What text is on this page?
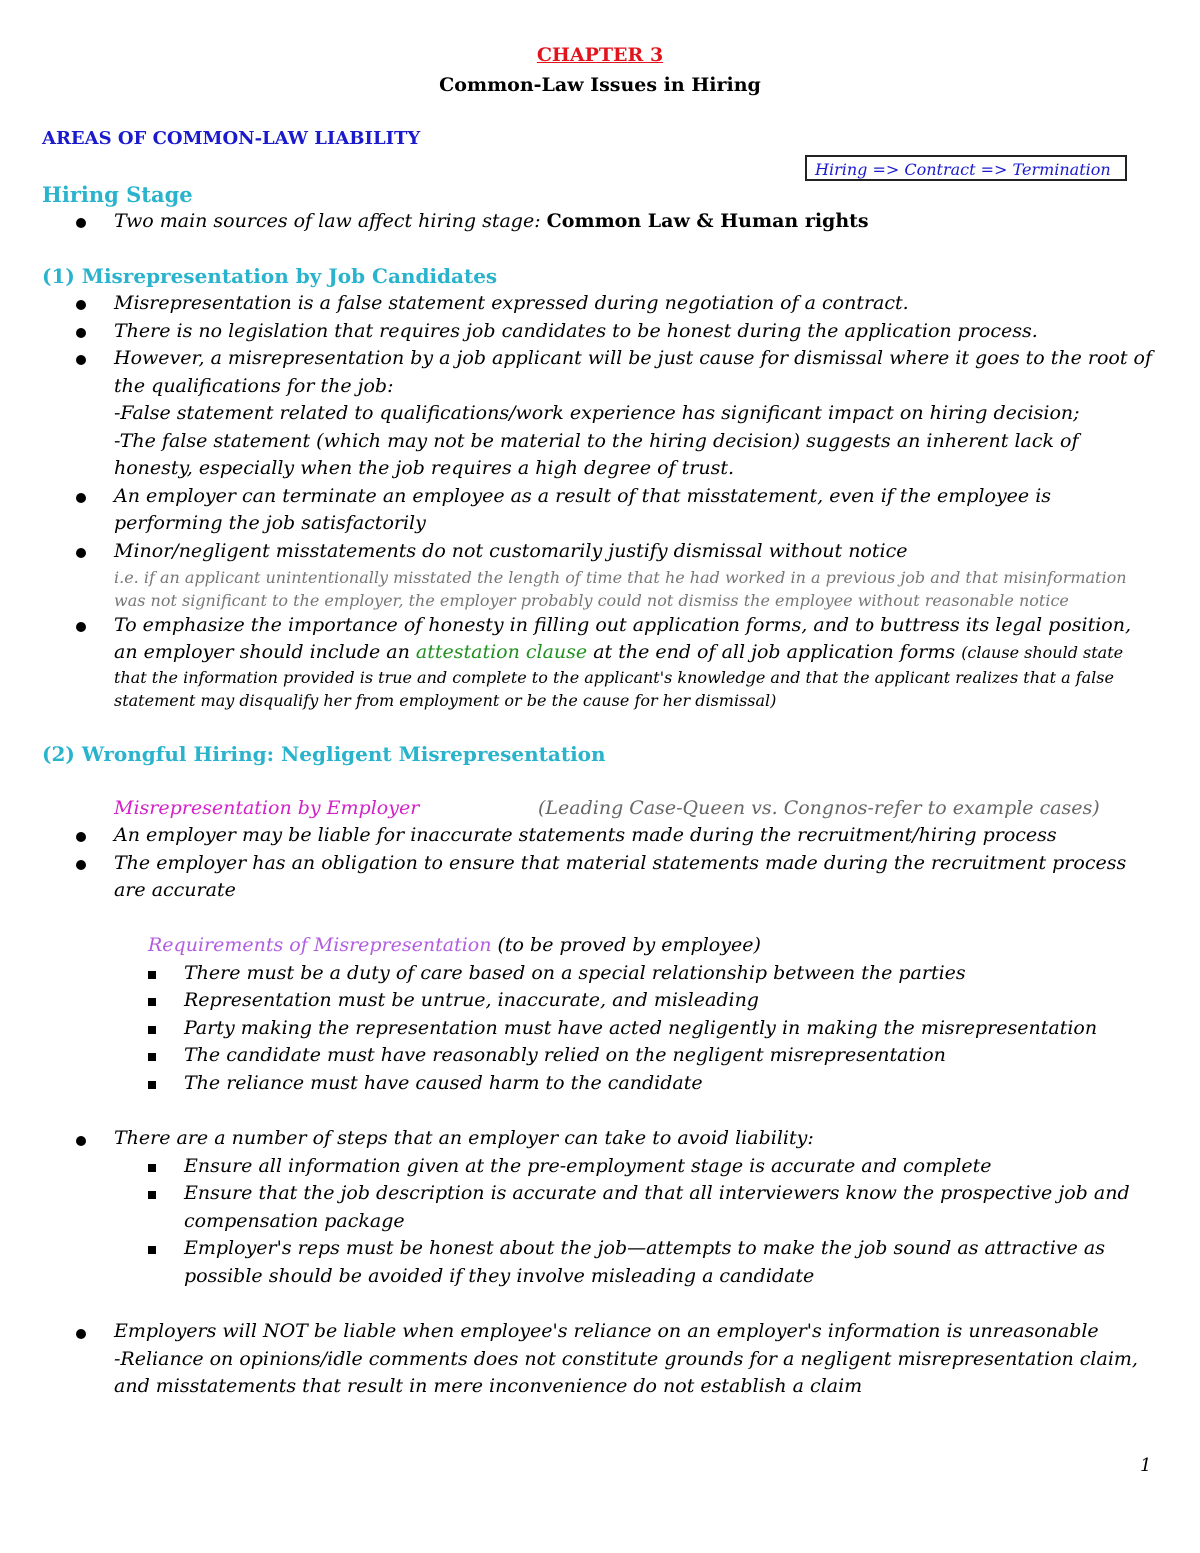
CHAPTER 3
Common-Law Issues in Hiring
AREAS OF COMMON-LAW LIABILITY
Hiring => Contract => Termination
Hiring Stage
Two main sources of law affect hiring stage: Common Law & Human rights
(1) Misrepresentation by Job Candidates
Misrepresentation is a false statement expressed during negotiation of a contract.
There is no legislation that requires job candidates to be honest during the application process.
However, a misrepresentation by a job applicant will be just cause for dismissal where it goes to the root of
the qualifications for the job:
-False statement related to qualifications/work experience has significant impact on hiring decision;
-The false statement (which may not be material to the hiring decision) suggests an inherent lack of
honesty, especially when the job requires a high degree of trust.
An employer can terminate an employee as a result of that misstatement, even if the employee is
performing the job satisfactorily
Minor/negligent misstatements do not customarily justify dismissal without notice
i.e. if an applicant unintentionally misstated the length of time that he had worked in a previous job and that misinformation
was not significant to the employer, the employer probably could not dismiss the employee without reasonable notice
To emphasize the importance of honesty in filling out application forms, and to buttress its legal position,
an employer should include an attestation clause at the end of all job application forms (clause should state
that the information provided is true and complete to the applicant's knowledge and that the applicant realizes that a false
statement may disqualify her from employment or be the cause for her dismissal)
(2) Wrongful Hiring: Negligent Misrepresentation
Misrepresentation by Employer	(Leading Case-Queen vs. Congnos-refer to example cases)
An employer may be liable for inaccurate statements made during the recruitment/hiring process
The employer has an obligation to ensure that material statements made during the recruitment process
are accurate
Requirements of Misrepresentation (to be proved by employee)
There must be a duty of care based on a special relationship between the parties
Representation must be untrue, inaccurate, and misleading
Party making the representation must have acted negligently in making the misrepresentation
The candidate must have reasonably relied on the negligent misrepresentation
The reliance must have caused harm to the candidate
There are a number of steps that an employer can take to avoid liability:
Ensure all information given at the pre-employment stage is accurate and complete
Ensure that the job description is accurate and that all interviewers know the prospective job and
compensation package
Employer's reps must be honest about the job—attempts to make the job sound as attractive as
possible should be avoided if they involve misleading a candidate
Employers will NOT be liable when employee's reliance on an employer's information is unreasonable
-Reliance on opinions/idle comments does not constitute grounds for a negligent misrepresentation claim,
and misstatements that result in mere inconvenience do not establish a claim
1
